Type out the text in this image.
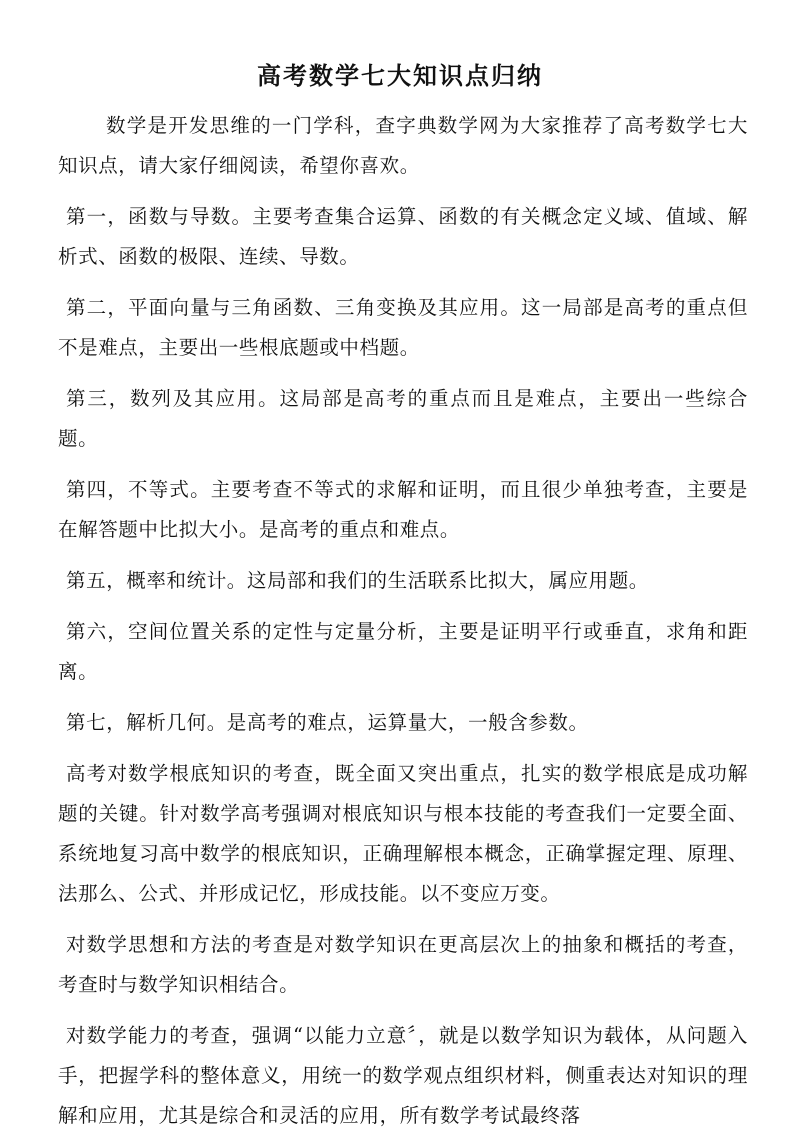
高考数学七大知识点归纳

数学是开发思维的一门学科，查字典数学网为大家推荐了高考数学七大知识点，请大家仔细阅读，希望你喜欢。

第一，函数与导数。主要考查集合运算、函数的有关概念定义域、值域、解析式、函数的极限、连续、导数。

第二，平面向量与三角函数、三角变换及其应用。这一局部是高考的重点但不是难点，主要出一些根底题或中档题。

第三，数列及其应用。这局部是高考的重点而且是难点，主要出一些综合题。

第四，不等式。主要考查不等式的求解和证明，而且很少单独考查，主要是在解答题中比拟大小。是高考的重点和难点。

第五，概率和统计。这局部和我们的生活联系比拟大，属应用题。

第六，空间位置关系的定性与定量分析，主要是证明平行或垂直，求角和距离。

第七，解析几何。是高考的难点，运算量大，一般含参数。

高考对数学根底知识的考查，既全面又突出重点，扎实的数学根底是成功解题的关键。针对数学高考强调对根底知识与根本技能的考查我们一定要全面、系统地复习高中数学的根底知识，正确理解根本概念，正确掌握定理、原理、法那么、公式、并形成记忆，形成技能。以不变应万变。

对数学思想和方法的考查是对数学知识在更高层次上的抽象和概括的考查，考查时与数学知识相结合。

对数学能力的考查，强调“以能力立意〞，就是以数学知识为载体，从问题入手，把握学科的整体意义，用统一的数学观点组织材料，侧重表达对知识的理解和应用，尤其是综合和灵活的应用，所有数学考试最终落
